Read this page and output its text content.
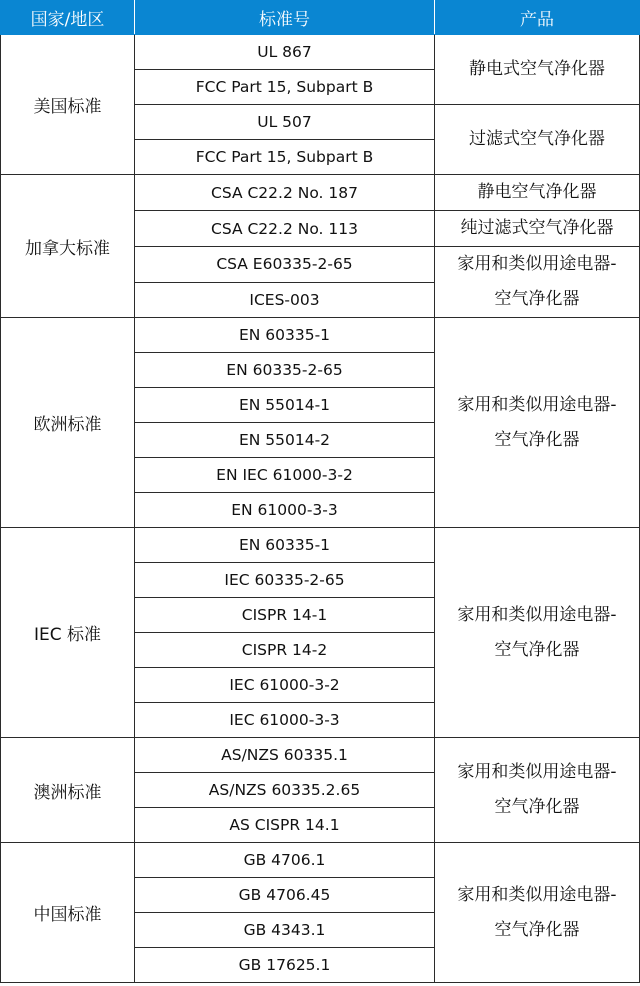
国家/地区	标准号	产品
美国标准	UL 867	静电式空气净化器

	FCC Part 15, Subpart B	
	UL 507	过滤式空气净化器

	FCC Part 15, Subpart B	
加拿大标准	CSA C22.2 No. 187	静电空气净化器

	CSA C22.2 No. 113	纯过滤式空气净化器

	CSA E60335-2-65	家用和类似用途电器-
空气净化器

	ICES-003	
欧洲标准	EN 60335-1	家用和类似用途电器-
空气净化器

	EN 60335-2-65	
	EN 55014-1	
	EN 55014-2	
	EN IEC 61000-3-2	
	EN 61000-3-3	
IEC 标准	EN 60335-1	家用和类似用途电器-
空气净化器

	IEC 60335-2-65	
	CISPR 14-1	
	CISPR 14-2	
	IEC 61000-3-2	
	IEC 61000-3-3	
澳洲标准	AS/NZS 60335.1	家用和类似用途电器-
空气净化器

	AS/NZS 60335.2.65	
	AS CISPR 14.1	
中国标准	GB 4706.1	家用和类似用途电器-
空气净化器

	GB 4706.45	
	GB 4343.1	
	GB 17625.1	
